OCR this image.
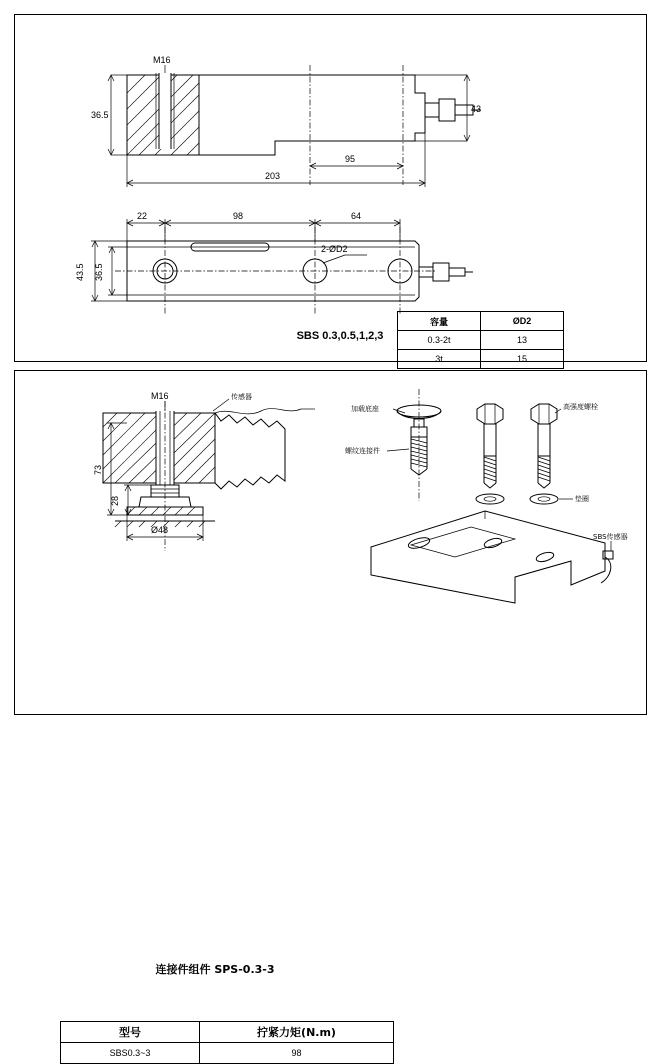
M16
36.5
43
95
203
2-ØD2
22	98	64
43.5 36.5
SBS 0.3,0.5,1,2,3
容量	ØD2
0.3-2t	13
3t	15
M16	传感器
73
28
Ø48
加载底座
螺纹连接件
高强度螺栓
垫圈
SBS传感器
连接件组件 SPS‐0.3-3
型号	拧紧力矩(N.m)
SBS0.3~3	98
